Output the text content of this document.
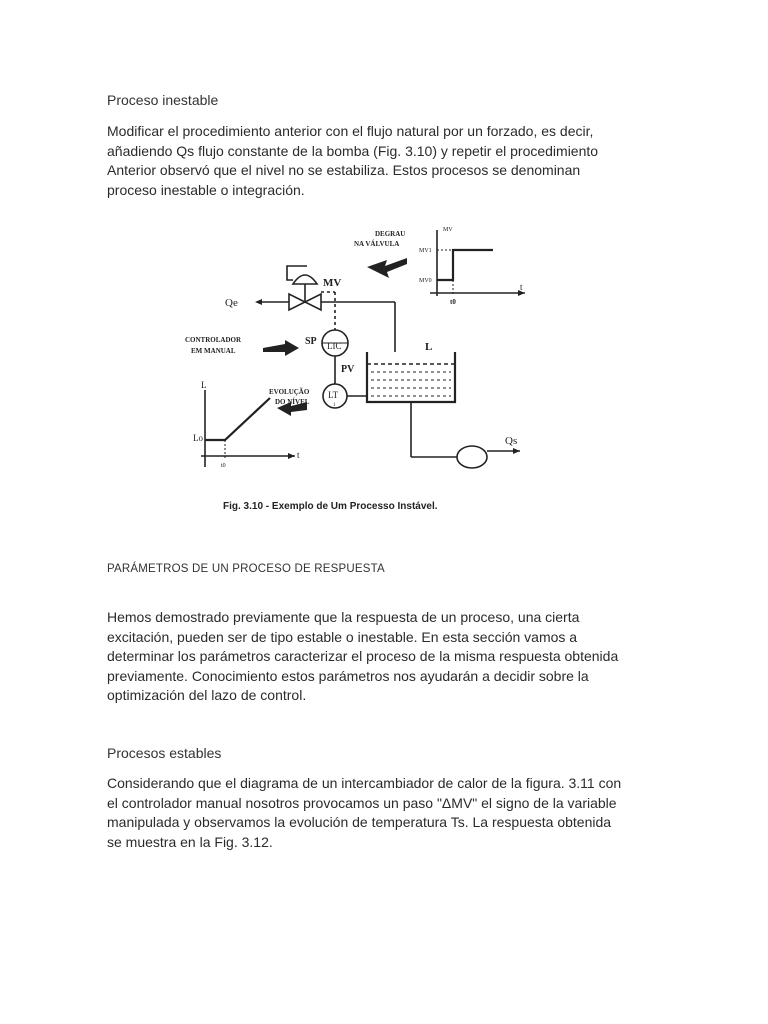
Proceso inestable

Modificar el procedimiento anterior con el flujo natural por un forzado, es decir,
añadiendo Qs flujo constante de la bomba (Fig. 3.10) y repetir el procedimiento
Anterior observó que el nivel no se estabiliza. Estos procesos se denominan
proceso inestable o integración.

DEGRAU
NA VÁLVULA
MV
MV1
MV0
t
t0
MV
Qe
CONTROLADOR
EM MANUAL
SP LIC
PV
LT
1
L
EVOLUÇÃO
DO NÍVEL
L
Lo
t
t0
Qs
Fig. 3.10 - Exemplo de Um Processo Instável.
PARÁMETROS DE UN PROCESO DE RESPUESTA

Hemos demostrado previamente que la respuesta de un proceso, una cierta
excitación, pueden ser de tipo estable o inestable. En esta sección vamos a
determinar los parámetros caracterizar el proceso de la misma respuesta obtenida
previamente. Conocimiento estos parámetros nos ayudarán a decidir sobre la
optimización del lazo de control.

Procesos estables

Considerando que el diagrama de un intercambiador de calor de la figura. 3.11 con
el controlador manual nosotros provocamos un paso "ΔMV" el signo de la variable
manipulada y observamos la evolución de temperatura Ts. La respuesta obtenida
se muestra en la Fig. 3.12.
